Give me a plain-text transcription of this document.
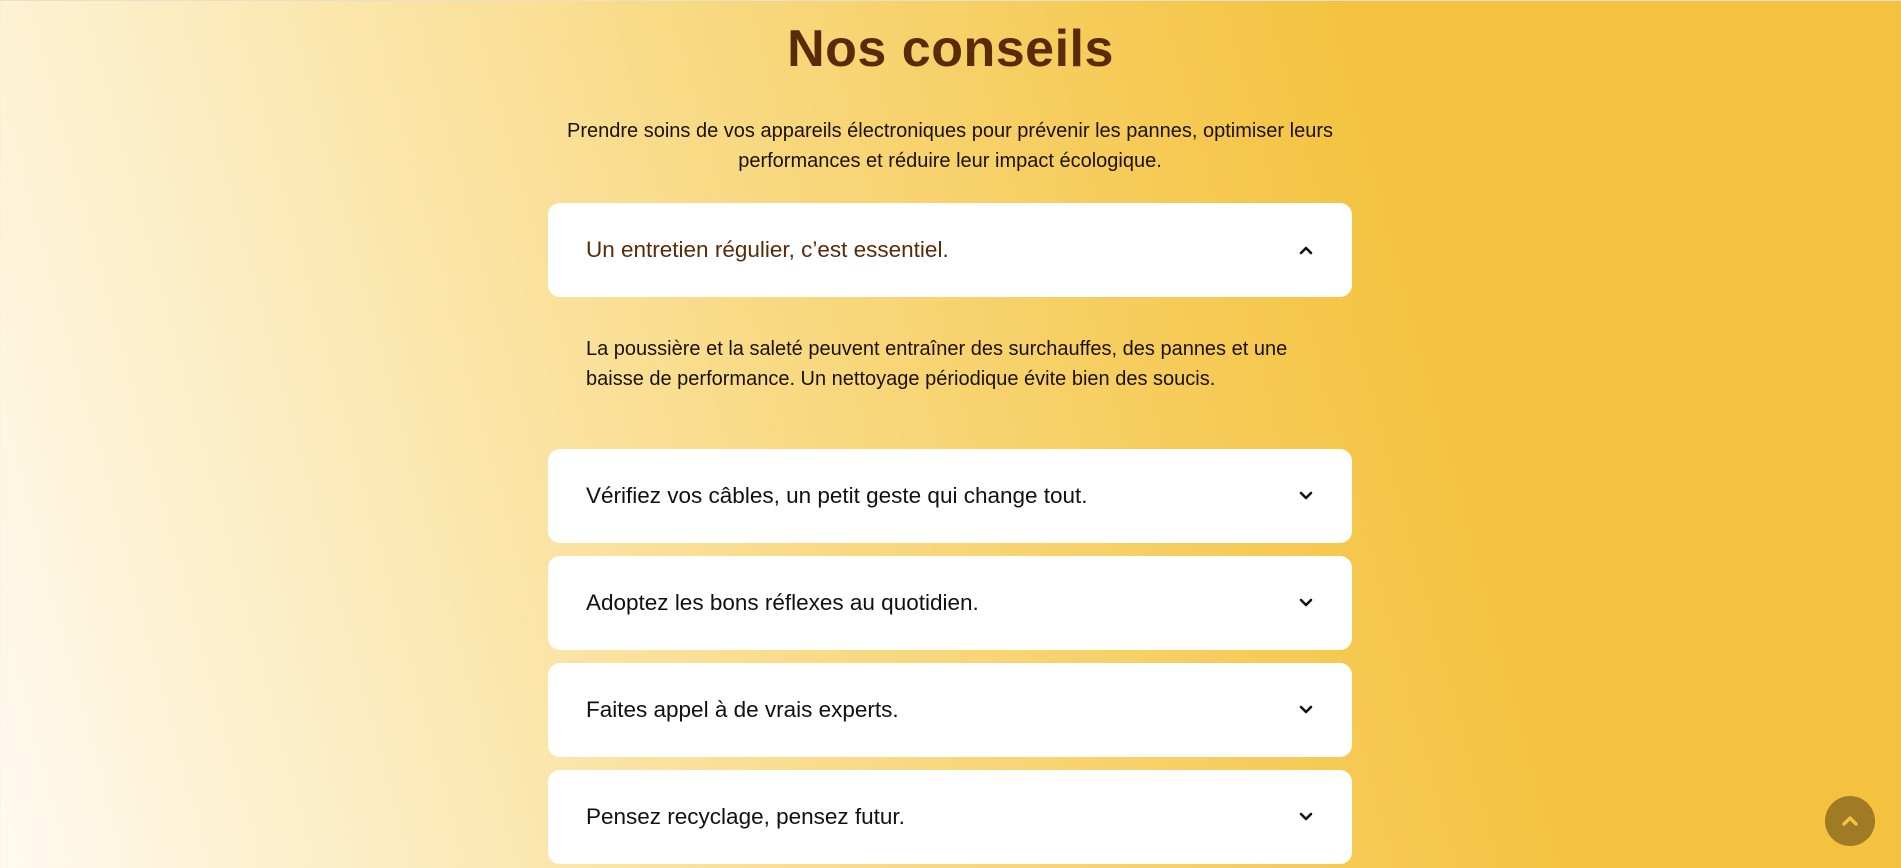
Nos conseils

Prendre soins de vos appareils électroniques pour prévenir les pannes, optimiser leurs performances et réduire leur impact écologique.

Un entretien régulier, c’est essentiel.

La poussière et la saleté peuvent entraîner des surchauffes, des pannes et une baisse de performance. Un nettoyage périodique évite bien des soucis.

Vérifiez vos câbles, un petit geste qui change tout.
Adoptez les bons réflexes au quotidien.
Faites appel à de vrais experts.
Pensez recyclage, pensez futur.
